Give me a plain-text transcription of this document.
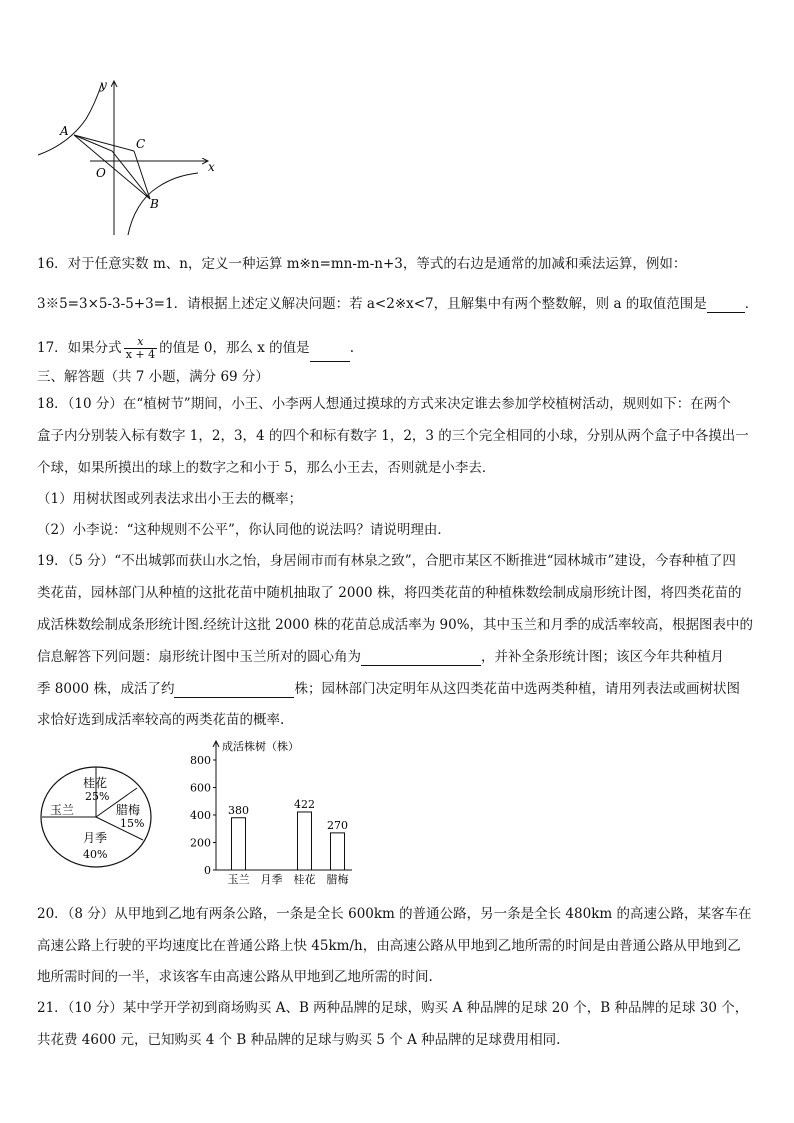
y
x
A
C
O
B
16．对于任意实数 m、n，定义一种运算 m※n=mn-m-n+3，等式的右边是通常的加减和乘法运算，例如：
3※5=3×5-3-5+3=1．请根据上述定义解决问题：若 a<2※x<7，且解集中有两个整数解，则 a 的取值范围是	．
17．如果分式 $\frac{x}{x + 4}$ 的值是 0，那么 x 的值是	.
三、解答题（共 7 小题，满分 69 分）
18．（10 分）在“植树节”期间，小王、小李两人想通过摸球的方式来决定谁去参加学校植树活动，规则如下：在两个
盒子内分别装入标有数字 1，2，3，4 的四个和标有数字 1，2，3 的三个完全相同的小球，分别从两个盒子中各摸出一
个球，如果所摸出的球上的数字之和小于 5，那么小王去，否则就是小李去．
（1）用树状图或列表法求出小王去的概率；
（2）小李说：“这种规则不公平”，你认同他的说法吗？请说明理由．
19．（5 分）“不出城郭而获山水之怡，身居闹市而有林泉之致”，合肥市某区不断推进“园林城市”建设，今春种植了四
类花苗，园林部门从种植的这批花苗中随机抽取了 2000 株，将四类花苗的种植株数绘制成扇形统计图，将四类花苗的
成活株数绘制成条形统计图.经统计这批 2000 株的花苗总成活率为 90%，其中玉兰和月季的成活率较高，根据图表中的
信息解答下列问题：扇形统计图中玉兰所对的圆心角为	，并补全条形统计图；该区今年共种植月
季 8000 株，成活了约	株；园林部门决定明年从这四类花苗中选两类种植，请用列表法或画树状图
求恰好选到成活率较高的两类花苗的概率.
桂花
25%
腊梅
15%
月季
40%
玉兰
成活株树（株）
0
200
400
600
800
380
玉兰 月季
422
桂花
270
腊梅
20．（8 分）从甲地到乙地有两条公路，一条是全长 600km 的普通公路，另一条是全长 480km 的高速公路，某客车在
高速公路上行驶的平均速度比在普通公路上快 45km/h，由高速公路从甲地到乙地所需的时间是由普通公路从甲地到乙
地所需时间的一半，求该客车由高速公路从甲地到乙地所需的时间.
21．（10 分）某中学开学初到商场购买 A、B 两种品牌的足球，购买 A 种品牌的足球 20 个，B 种品牌的足球 30 个，
共花费 4600 元，已知购买 4 个 B 种品牌的足球与购买 5 个 A 种品牌的足球费用相同.
